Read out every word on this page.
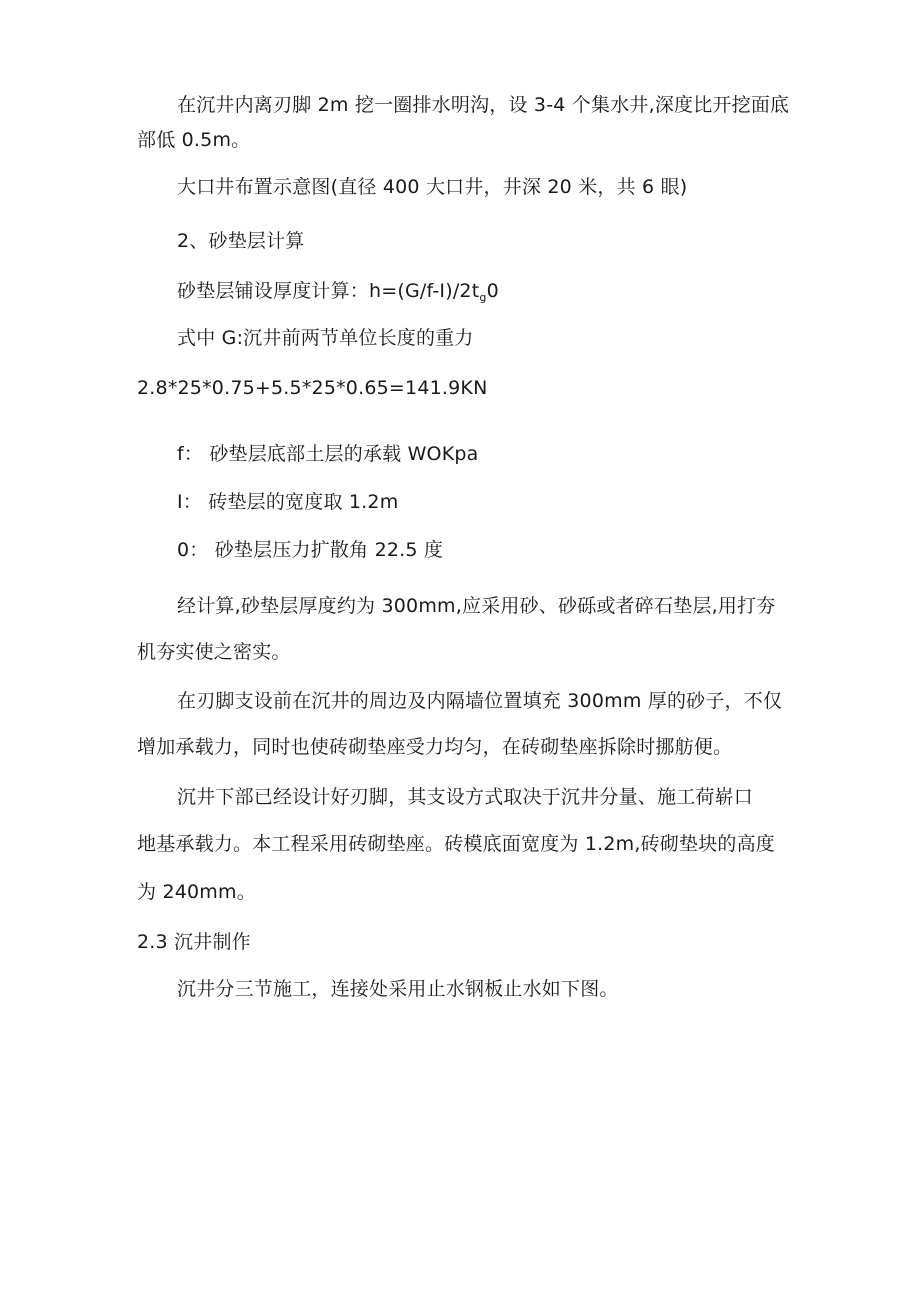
在沉井内离刃脚 2m 挖一圈排水明沟，设 3-4 个集水井,深度比开挖面底
部低 0.5m。
大口井布置示意图(直径 400 大口井，井深 20 米，共 6 眼)
2、砂垫层计算
砂垫层铺设厚度计算：$h=(G/f-I)/2t_g0$
式中 G:沉井前两节单位长度的重力
2.8*25*0.75+5.5*25*0.65=141.9KN
f： 砂垫层底部土层的承载 WOKpa
I： 砖垫层的宽度取 1.2m
0： 砂垫层压力扩散角 22.5 度
经计算,砂垫层厚度约为 300mm,应采用砂、砂砾或者碎石垫层,用打夯
机夯实使之密实。
在刃脚支设前在沉井的周边及内隔墙位置填充 300mm 厚的砂子，不仅
增加承载力，同时也使砖砌垫座受力均匀，在砖砌垫座拆除时挪舫便。
沉井下部已经设计好刃脚，其支设方式取决于沉井分量、施工荷崭口
地基承载力。本工程采用砖砌垫座。砖模底面宽度为 1.2m,砖砌垫块的高度
为 240mm。
2.3 沉井制作
沉井分三节施工，连接处采用止水钢板止水如下图。
